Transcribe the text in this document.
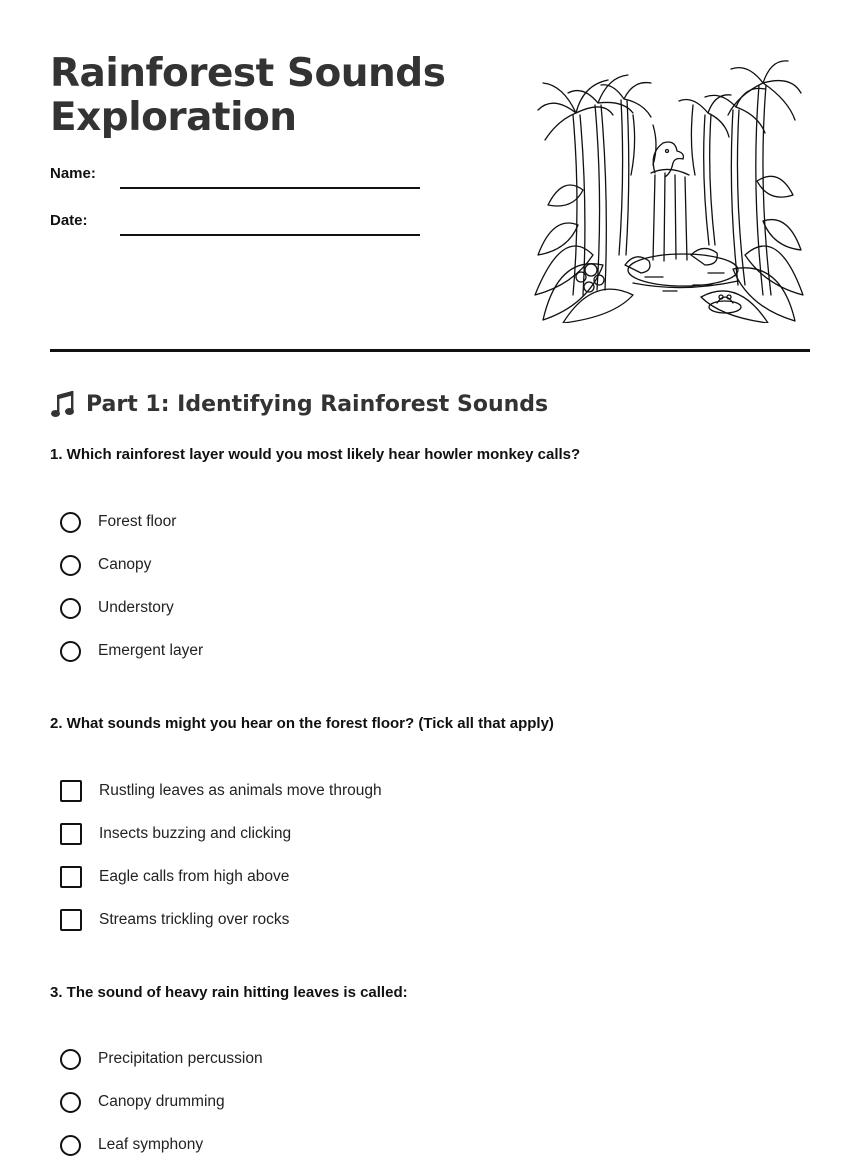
Rainforest Sounds
Exploration
Name:
Date:
Part 1: Identifying Rainforest Sounds
1. Which rainforest layer would you most likely hear howler monkey calls?
Forest floor
Canopy
Understory
Emergent layer
2. What sounds might you hear on the forest floor? (Tick all that apply)
Rustling leaves as animals move through
Insects buzzing and clicking
Eagle calls from high above
Streams trickling over rocks
3. The sound of heavy rain hitting leaves is called:
Precipitation percussion
Canopy drumming
Leaf symphony
